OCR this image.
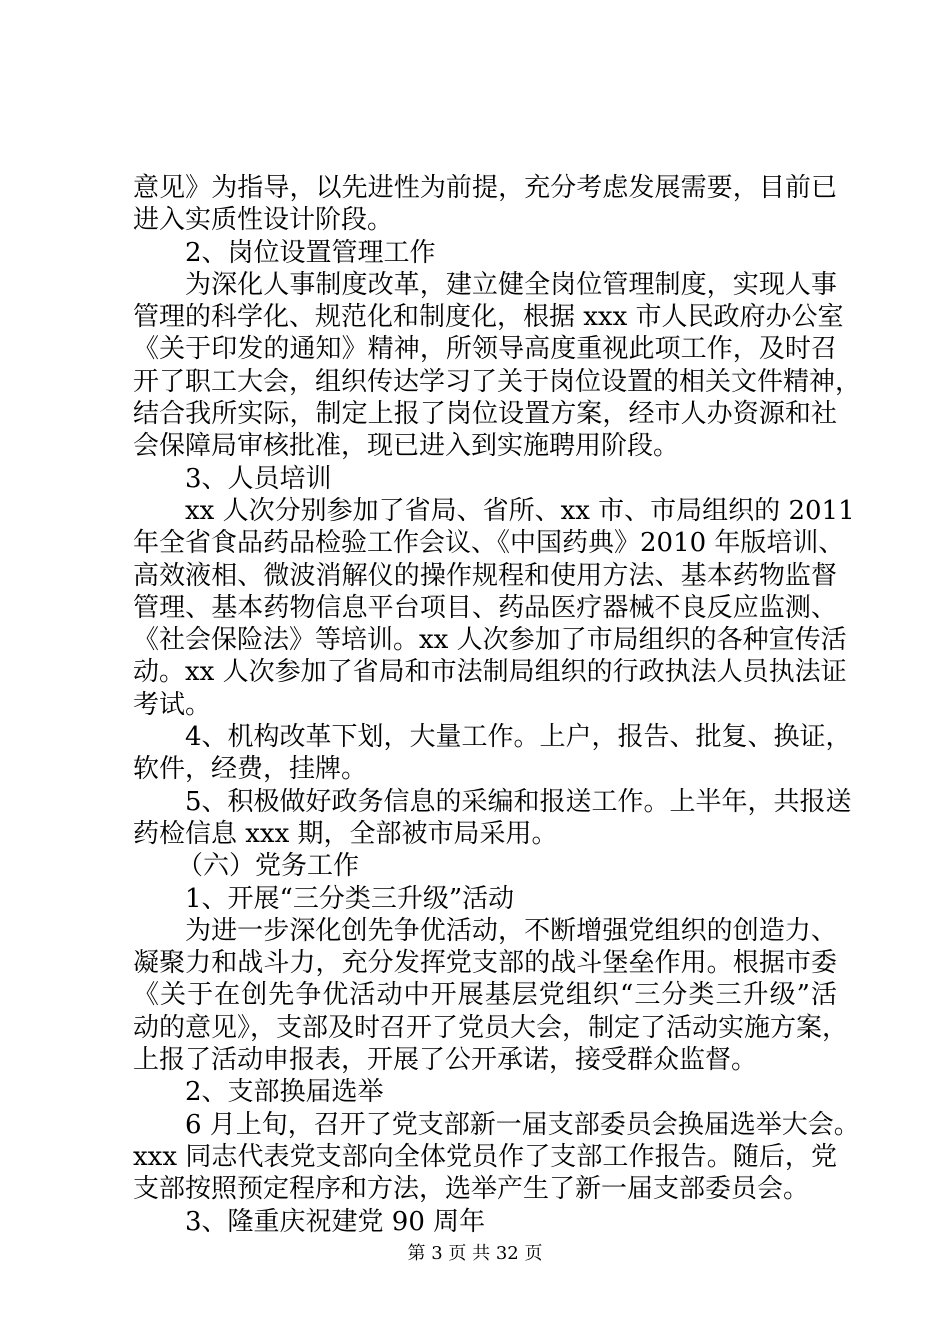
意见》为指导，以先进性为前提，充分考虑发展需要，目前已
进入实质性设计阶段。
2、岗位设置管理工作
为深化人事制度改革，建立健全岗位管理制度，实现人事
管理的科学化、规范化和制度化，根据 xxx 市人民政府办公室
《关于印发的通知》精神，所领导高度重视此项工作，及时召
开了职工大会，组织传达学习了关于岗位设置的相关文件精神，
结合我所实际，制定上报了岗位设置方案，经市人办资源和社
会保障局审核批准，现已进入到实施聘用阶段。
3、人员培训
xx 人次分别参加了省局、省所、xx 市、市局组织的 2011
年全省食品药品检验工作会议、《中国药典》2010 年版培训、
高效液相、微波消解仪的操作规程和使用方法、基本药物监督
管理、基本药物信息平台项目、药品医疗器械不良反应监测、
《社会保险法》等培训。xx 人次参加了市局组织的各种宣传活
动。xx 人次参加了省局和市法制局组织的行政执法人员执法证
考试。
4、机构改革下划，大量工作。上户，报告、批复、换证，
软件，经费，挂牌。
5、积极做好政务信息的采编和报送工作。上半年，共报送
药检信息 xxx 期，全部被市局采用。
（六）党务工作
1、开展“三分类三升级”活动
为进一步深化创先争优活动，不断增强党组织的创造力、
凝聚力和战斗力，充分发挥党支部的战斗堡垒作用。根据市委
《关于在创先争优活动中开展基层党组织“三分类三升级”活
动的意见》，支部及时召开了党员大会，制定了活动实施方案，
上报了活动申报表，开展了公开承诺，接受群众监督。
2、支部换届选举
6 月上旬，召开了党支部新一届支部委员会换届选举大会。
xxx 同志代表党支部向全体党员作了支部工作报告。随后，党
支部按照预定程序和方法，选举产生了新一届支部委员会。
3、隆重庆祝建党 90 周年
第 3 页 共 32 页
